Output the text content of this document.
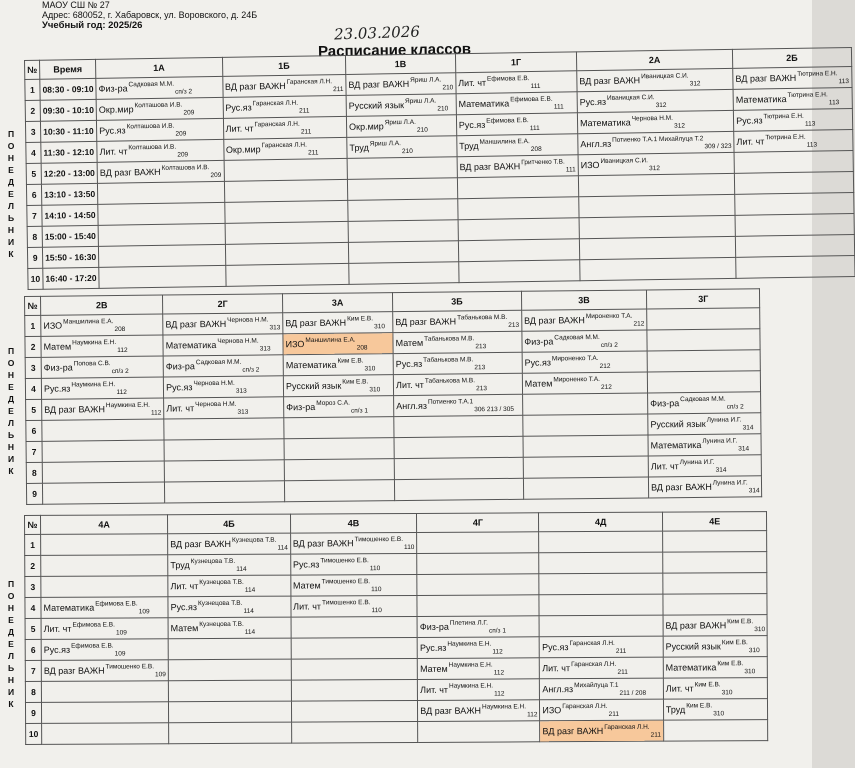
МАОУ СШ № 27
Адрес: 680052, г. Хабаровск, ул. Воровского, д. 24Б
Учебный год: 2025/26	23.03.2026
Расписание классов
№	Время	1А	1Б	1В	1Г	2А	2Б
1	08:30 - 09:10	Физ-$ра^{Садковая М.М.}_{сп/з 2}$	ВД разг $ВАЖН^{Гаранская Л.Н.}_{211}$	ВД разг $ВАЖН^{Яриш Л.А.}_{210}$	Лит. $чт^{Ефимова Е.В.}_{111}$	ВД разг $ВАЖН^{Иваницкая С.И.}_{312}$	ВД разг $ВАЖН^{Тютрина Е.Н.}_{113}$
2	09:30 - 10:10	Окр.мир$^{Колташова И.В.}_{209}$	$Рус.яз^{Гаранская Л.Н.}_{211}$	Русский язык$^{Яриш Л.А.}_{210}$	Математика$^{Ефимова Е.В.}_{111}$	$Рус.яз^{Иваницкая С.И.}_{312}$	Математика$^{Тютрина Е.Н.}_{113}$
3	10:30 - 11:10	$Рус.яз^{Колташова И.В.}_{209}$	Лит. $чт^{Гаранская Л.Н.}_{211}$	Окр.мир$^{Яриш Л.А.}_{210}$	$Рус.яз^{Ефимова Е.В.}_{111}$	Математика$^{Чернова Н.М.}_{312}$	$Рус.яз^{Тютрина Е.Н.}_{113}$
4	11:30 - 12:10	Лит. $чт^{Колташова И.В.}_{209}$	Окр.мир$^{Гаранская Л.Н.}_{211}$	Труд$^{Яриш Л.А.}_{210}$	Труд$^{Маншилина Е.А.}_{208}$	$Англ.яз^{Потиенко Т.А.1 Михайлуца Т.2}_{309 / 323}$	Лит. $чт^{Тютрина Е.Н.}_{113}$
5	12:20 - 13:00	ВД разг $ВАЖН^{Колташова И.В.}_{209}$			ВД разг $ВАЖН^{Гритченко Т.В.}_{111}$	$ИЗО^{Иваницкая С.И.}_{312}$	
6	13:10 - 13:50						
7	14:10 - 14:50						
8	15:00 - 15:40						
9	15:50 - 16:30						
10	16:40 - 17:20						
№	2В	2Г	3А	3Б	3В	3Г
1	$ИЗО^{Маншилина Е.А.}_{208}$	ВД разг $ВАЖН^{Чернова Н.М.}_{313}$	ВД разг $ВАЖН^{Ким Е.В.}_{310}$	ВД разг $ВАЖН^{Табанькова М.В.}_{213}$	ВД разг $ВАЖН^{Мироненко Т.А.}_{212}$	
2	Матем$^{Наумкина Е.Н.}_{112}$	Математика$^{Чернова Н.М.}_{313}$	$ИЗО^{Маншилина Е.А.}_{208}$	Матем$^{Табанькова М.В.}_{213}$	Физ-$ра^{Садковая М.М.}_{сп/з 2}$	
3	Физ-$ра^{Попова С.В.}_{сп/з 2}$	Физ-$ра^{Садковая М.М.}_{сп/з 2}$	Математика$^{Ким Е.В.}_{310}$	$Рус.яз^{Табанькова М.В.}_{213}$	$Рус.яз^{Мироненко Т.А.}_{212}$	
4	$Рус.яз^{Наумкина Е.Н.}_{112}$	$Рус.яз^{Чернова Н.М.}_{313}$	Русский язык$^{Ким Е.В.}_{310}$	Лит. $чт^{Табанькова М.В.}_{213}$	Матем$^{Мироненко Т.А.}_{212}$	
5	ВД разг $ВАЖН^{Наумкина Е.Н.}_{112}$	Лит. $чт^{Чернова Н.М.}_{313}$	Физ-$ра^{Мороз С.А.}_{сп/з 1}$	$Англ.яз^{Потиенко Т.А.1}_{306 213 / 305}$		Физ-$ра^{Садковая М.М.}_{сп/з 2}$
6						Русский язык$^{Лунина И.Г.}_{314}$
7						Математика$^{Лунина И.Г.}_{314}$
8						Лит. $чт^{Лунина И.Г.}_{314}$
9						ВД разг $ВАЖН^{Лунина И.Г.}_{314}$
№	4А	4Б	4В	4Г	4Д	4Е
1		ВД разг $ВАЖН^{Кузнецова Т.В.}_{114}$	ВД разг $ВАЖН^{Тимошенко Е.В.}_{110}$			
2		Труд$^{Кузнецова Т.В.}_{114}$	$Рус.яз^{Тимошенко Е.В.}_{110}$			
3		Лит. $чт^{Кузнецова Т.В.}_{114}$	Матем$^{Тимошенко Е.В.}_{110}$			
4	Математика$^{Ефимова Е.В.}_{109}$	$Рус.яз^{Кузнецова Т.В.}_{114}$	Лит. $чт^{Тимошенко Е.В.}_{110}$			
5	Лит. $чт^{Ефимова Е.В.}_{109}$	Матем$^{Кузнецова Т.В.}_{114}$		Физ-$ра^{Плетина Л.Г.}_{сп/з 1}$		ВД разг $ВАЖН^{Ким Е.В.}_{310}$
6	$Рус.яз^{Ефимова Е.В.}_{109}$			$Рус.яз^{Наумкина Е.Н.}_{112}$	$Рус.яз^{Гаранская Л.Н.}_{211}$	Русский язык$^{Ким Е.В.}_{310}$
7	ВД разг $ВАЖН^{Тимошенко Е.В.}_{109}$			Матем$^{Наумкина Е.Н.}_{112}$	Лит. $чт^{Гаранская Л.Н.}_{211}$	Математика$^{Ким Е.В.}_{310}$
8				Лит. $чт^{Наумкина Е.Н.}_{112}$	$Англ.яз^{Михайлуца Т.1}_{211 / 208}$	Лит. $чт^{Ким Е.В.}_{310}$
9				ВД разг $ВАЖН^{Наумкина Е.Н.}_{112}$	$ИЗО^{Гаранская Л.Н.}_{211}$	Труд$^{Ким Е.В.}_{310}$
10					ВД разг $ВАЖН^{Гаранская Л.Н.}_{211}$	
П
О
Н
Е
Д
Е
Л
Ь
Н
И
К
П
О
Н
Е
Д
Е
Л
Ь
Н
И
К
П
О
Н
Е
Д
Е
Л
Ь
Н
И
К
